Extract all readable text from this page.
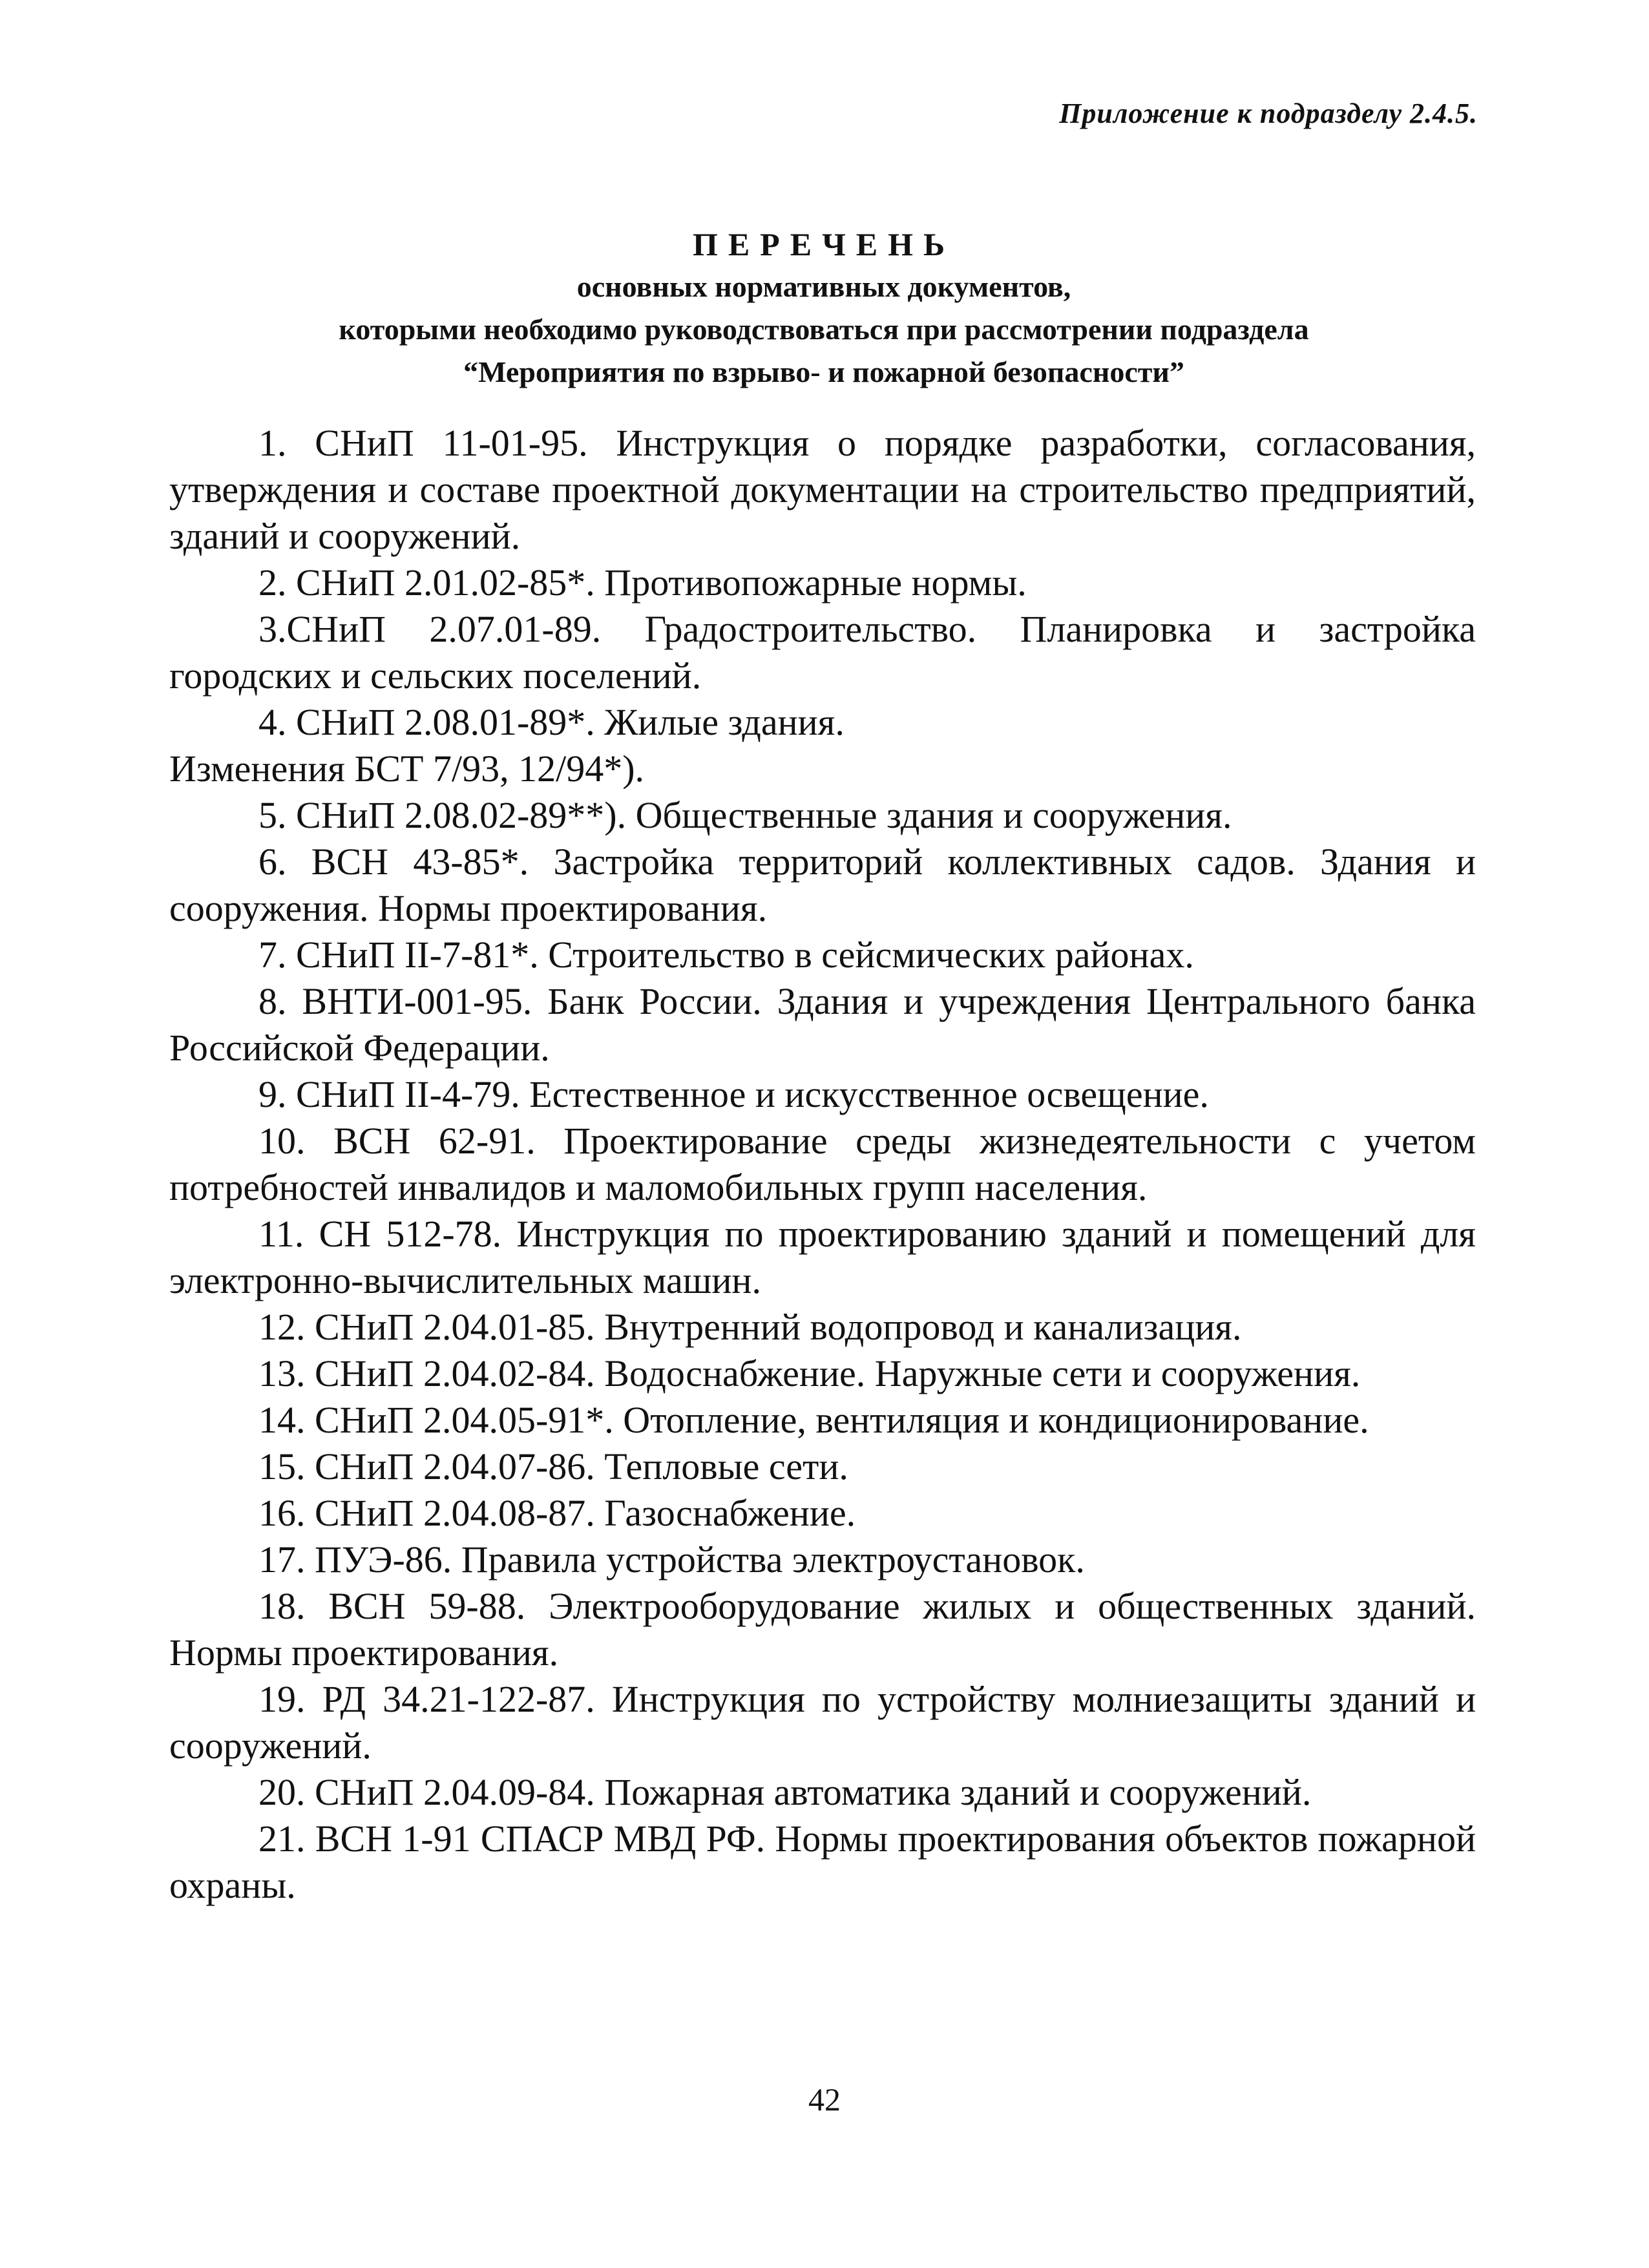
Приложение к подразделу 2.4.5.
ПЕРЕЧЕНЬ
основных нормативных документов,
которыми необходимо руководствоваться при рассмотрении подраздела
“Мероприятия по взрыво- и пожарной безопасности”
1. СНиП 11-01-95. Инструкция о порядке разработки, согласования, утверждения и составе проектной документации на строительство предприятий, зданий и сооружений.
2. СНиП 2.01.02-85*. Противопожарные нормы.
3.СНиП 2.07.01-89. Градостроительство. Планировка и застройка городских и сельских поселений.
4. СНиП 2.08.01-89*. Жилые здания.
Изменения БСТ 7/93, 12/94*).
5. СНиП 2.08.02-89**). Общественные здания и сооружения.
6. ВСН 43-85*. Застройка территорий коллективных садов. Здания и сооружения. Нормы проектирования.
7. СНиП II-7-81*. Строительство в сейсмических районах.
8. ВНТИ-001-95. Банк России. Здания и учреждения Центрального банка Российской Федерации.
9. СНиП II-4-79. Естественное и искусственное освещение.
10. ВСН 62-91. Проектирование среды жизнедеятельности с учетом потребностей инвалидов и маломобильных групп населения.
11. СН 512-78. Инструкция по проектированию зданий и помещений для электронно-вычислительных машин.
12. СНиП 2.04.01-85. Внутренний водопровод и канализация.
13. СНиП 2.04.02-84. Водоснабжение. Наружные сети и сооружения.
14. СНиП 2.04.05-91*. Отопление, вентиляция и кондиционирование.
15. СНиП 2.04.07-86. Тепловые сети.
16. СНиП 2.04.08-87. Газоснабжение.
17. ПУЭ-86. Правила устройства электроустановок.
18. ВСН 59-88. Электрооборудование жилых и общественных зданий. Нормы проектирования.
19. РД 34.21-122-87. Инструкция по устройству молниезащиты зданий и сооружений.
20. СНиП 2.04.09-84. Пожарная автоматика зданий и сооружений.
21. ВСН 1-91 СПАСР МВД РФ. Нормы проектирования объектов пожарной охраны.
42
